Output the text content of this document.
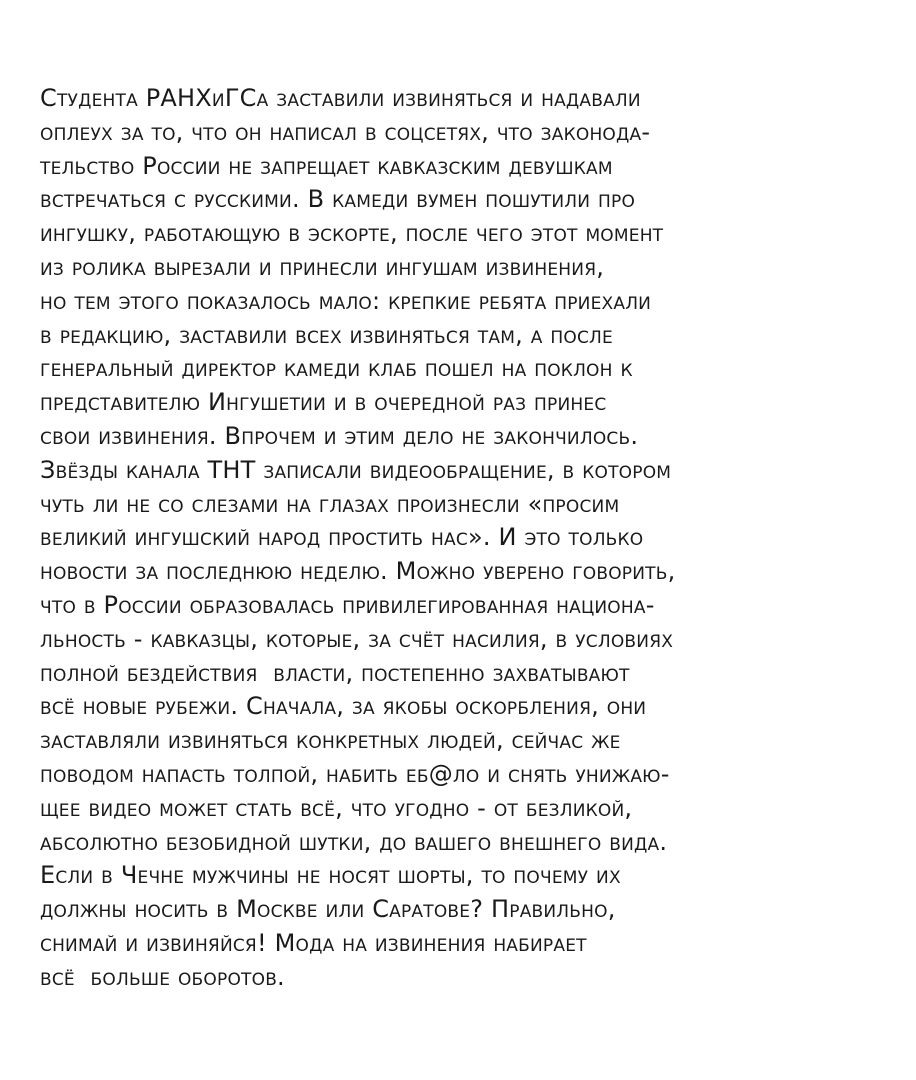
Студента РАНХиГСа заставили извиняться и надавали
оплеух за то, что он написал в соцсетях, что законода-
тельство России не запрещает кавказским девушкам
встречаться с русскими. В камеди вумен пошутили про
ингушку, работающую в эскорте, после чего этот момент
из ролика вырезали и принесли ингушам извинения,
но тем этого показалось мало: крепкие ребята приехали
в редакцию, заставили всех извиняться там, а после
генеральный директор камеди клаб пошел на поклон к
представителю Ингушетии и в очередной раз принес
свои извинения. Впрочем и этим дело не закончилось.
Звёзды канала ТНТ записали видеообращение, в котором
чуть ли не со слезами на глазах произнесли «просим
великий ингушский народ простить нас». И это только
новости за последнюю неделю. Можно уверено говорить,
что в России образовалась привилегированная национа-
льность - кавказцы, которые, за счёт насилия, в условиях
полной бездействия  власти, постепенно захватывают
всё новые рубежи. Сначала, за якобы оскорбления, они
заставляли извиняться конкретных людей, сейчас же
поводом напасть толпой, набить еб@ло и снять унижаю-
щее видео может стать всё, что угодно - от безликой,
абсолютно безобидной шутки, до вашего внешнего вида.
Если в Чечне мужчины не носят шорты, то почему их
должны носить в Москве или Саратове? Правильно,
снимай и извиняйся! Мода на извинения набирает
всё  больше оборотов.
